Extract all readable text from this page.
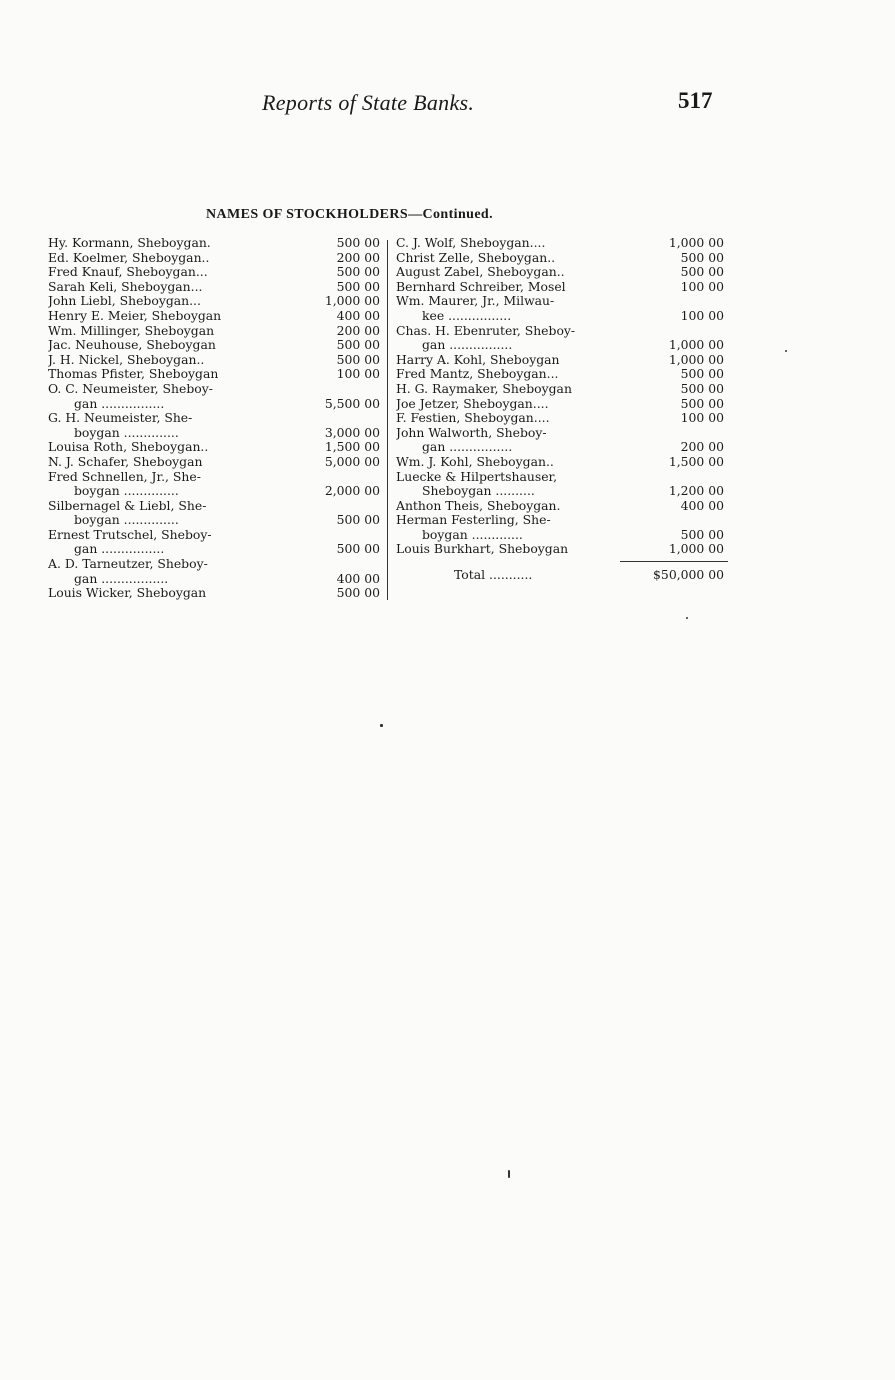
Reports of State Banks.	517
NAMES OF STOCKHOLDERS—Continued.
Hy. Kormann, Sheboygan.	500 00
Ed. Koelmer, Sheboygan..	200 00
Fred Knauf, Sheboygan...	500 00
Sarah Keli, Sheboygan...	500 00
John Liebl, Sheboygan...	1,000 00
Henry E. Meier, Sheboygan	400 00
Wm. Millinger, Sheboygan	200 00
Jac. Neuhouse, Sheboygan	500 00
J. H. Nickel, Sheboygan..	500 00
Thomas Pfister, Sheboygan	100 00
O. C. Neumeister, Sheboy-
gan ................	5,500 00
G. H. Neumeister, She-
boygan ..............	3,000 00
Louisa Roth, Sheboygan..	1,500 00
N. J. Schafer, Sheboygan	5,000 00
Fred Schnellen, Jr., She-
boygan ..............	2,000 00
Silbernagel & Liebl, She-
boygan ..............	500 00
Ernest Trutschel, Sheboy-
gan ................	500 00
A. D. Tarneutzer, Sheboy-
gan .................	400 00
Louis Wicker, Sheboygan	500 00
C. J. Wolf, Sheboygan....	1,000 00
Christ Zelle, Sheboygan..	500 00
August Zabel, Sheboygan..	500 00
Bernhard Schreiber, Mosel	100 00
Wm. Maurer, Jr., Milwau-
kee ................	100 00
Chas. H. Ebenruter, Sheboy-
gan ................	1,000 00
Harry A. Kohl, Sheboygan	1,000 00
Fred Mantz, Sheboygan...	500 00
H. G. Raymaker, Sheboygan	500 00
Joe Jetzer, Sheboygan....	500 00
F. Festien, Sheboygan....	100 00
John Walworth, Sheboy-
gan ................	200 00
Wm. J. Kohl, Sheboygan..	1,500 00
Luecke & Hilpertshauser,
Sheboygan ..........	1,200 00
Anthon Theis, Sheboygan.	400 00
Herman Festerling, She-
boygan .............	500 00
Louis Burkhart, Sheboygan	1,000 00
Total ...........	$50,000 00
